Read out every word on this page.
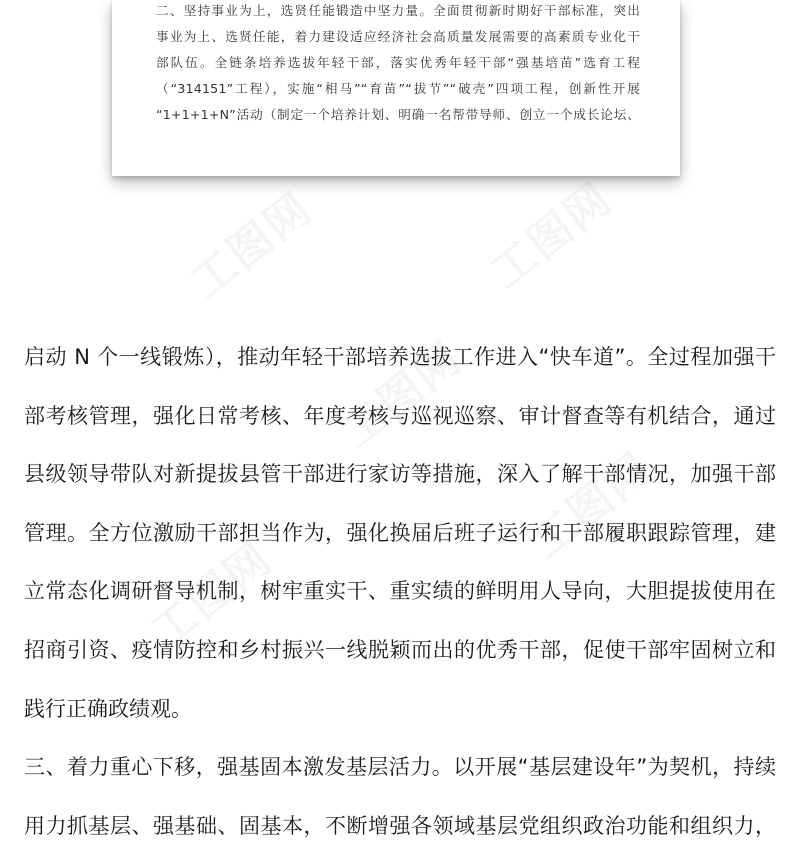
工图网	工图网
工图网
工图网
工图网
二、坚持事业为上，选贤任能锻造中坚力量。全面贯彻新时期好干部标准，突出
事业为上、选贤任能，着力建设适应经济社会高质量发展需要的高素质专业化干
部队伍。全链条培养选拔年轻干部，落实优秀年轻干部“强基培苗”选育工程
（“314151”工程），实施“相马”“育苗”“拔节”“破壳”四项工程，创新性开展
“1+1+1+N”活动（制定一个培养计划、明确一名帮带导师、创立一个成长论坛、
启动 N 个一线锻炼），推动年轻干部培养选拔工作进入“快车道”。全过程加强干
部考核管理，强化日常考核、年度考核与巡视巡察、审计督查等有机结合，通过
县级领导带队对新提拔县管干部进行家访等措施，深入了解干部情况，加强干部
管理。全方位激励干部担当作为，强化换届后班子运行和干部履职跟踪管理，建
立常态化调研督导机制，树牢重实干、重实绩的鲜明用人导向，大胆提拔使用在
招商引资、疫情防控和乡村振兴一线脱颖而出的优秀干部，促使干部牢固树立和
践行正确政绩观。
三、着力重心下移，强基固本激发基层活力。以开展“基层建设年”为契机，持续
用力抓基层、强基础、固基本，不断增强各领域基层党组织政治功能和组织力，
